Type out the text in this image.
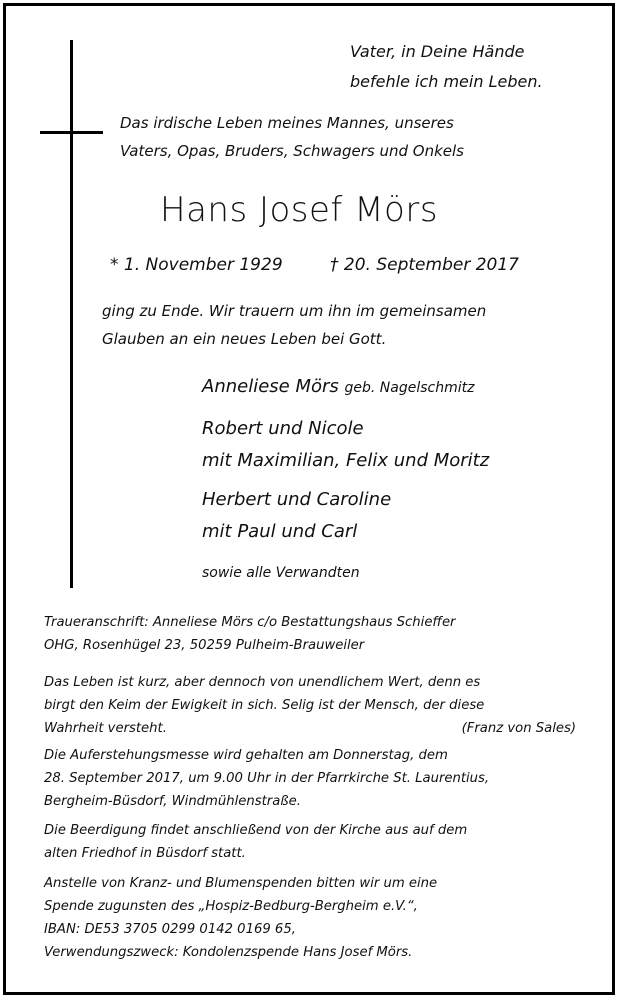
Vater, in Deine Hände
befehle ich mein Leben.
Das irdische Leben meines Mannes, unseres
Vaters, Opas, Bruders, Schwagers und Onkels
Hans Josef Mörs
* 1. November 1929	† 20. September 2017
ging zu Ende. Wir trauern um ihn im gemeinsamen
Glauben an ein neues Leben bei Gott.
Anneliese Mörs geb. Nagelschmitz
Robert und Nicole
mit Maximilian, Felix und Moritz
Herbert und Caroline
mit Paul und Carl
sowie alle Verwandten
Traueranschrift: Anneliese Mörs c/o Bestattungshaus Schieffer
OHG, Rosenhügel 23, 50259 Pulheim-Brauweiler
Das Leben ist kurz, aber dennoch von unendlichem Wert, denn es
birgt den Keim der Ewigkeit in sich. Selig ist der Mensch, der diese
Wahrheit versteht.	(Franz von Sales)
Die Auferstehungsmesse wird gehalten am Donnerstag, dem
28. September 2017, um 9.00 Uhr in der Pfarrkirche St. Laurentius,
Bergheim-Büsdorf, Windmühlenstraße.
Die Beerdigung findet anschließend von der Kirche aus auf dem
alten Friedhof in Büsdorf statt.
Anstelle von Kranz- und Blumenspenden bitten wir um eine
Spende zugunsten des „Hospiz-Bedburg-Bergheim e.V.“,
IBAN: DE53 3705 0299 0142 0169 65,
Verwendungszweck: Kondolenzspende Hans Josef Mörs.
